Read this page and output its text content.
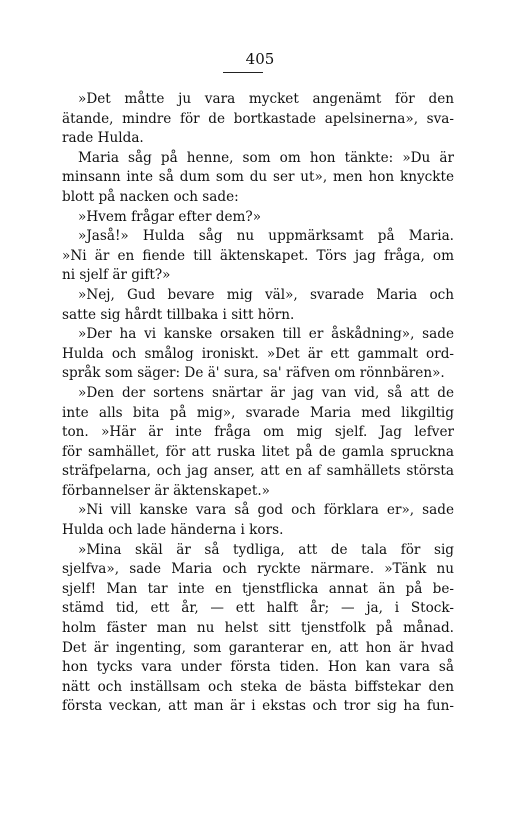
405
»Det måtte ju vara mycket angenämt för den
ätande, mindre för de bortkastade apelsinerna», sva-
rade Hulda.
Maria såg på henne, som om hon tänkte: »Du är
minsann inte så dum som du ser ut», men hon knyckte
blott på nacken och sade:
»Hvem frågar efter dem?»
»Jaså!» Hulda såg nu uppmärksamt på Maria.
»Ni är en fiende till äktenskapet. Törs jag fråga, om
ni sjelf är gift?»
»Nej, Gud bevare mig väl», svarade Maria och
satte sig hårdt tillbaka i sitt hörn.
»Der ha vi kanske orsaken till er åskådning», sade
Hulda och smålog ironiskt. »Det är ett gammalt ord-
språk som säger: De ä' sura, sa' räfven om rönnbären».
»Den der sortens snärtar är jag van vid, så att de
inte alls bita på mig», svarade Maria med likgiltig
ton. »Här är inte fråga om mig sjelf. Jag lefver
för samhället, för att ruska litet på de gamla spruckna
sträfpelarna, och jag anser, att en af samhällets största
förbannelser är äktenskapet.»
»Ni vill kanske vara så god och förklara er», sade
Hulda och lade händerna i kors.
»Mina skäl är så tydliga, att de tala för sig
sjelfva», sade Maria och ryckte närmare. »Tänk nu
sjelf! Man tar inte en tjenstflicka annat än på be-
stämd tid, ett år, — ett halft år; — ja, i Stock-
holm fäster man nu helst sitt tjenstfolk på månad.
Det är ingenting, som garanterar en, att hon är hvad
hon tycks vara under första tiden. Hon kan vara så
nätt och inställsam och steka de bästa biffstekar den
första veckan, att man är i ekstas och tror sig ha fun-
